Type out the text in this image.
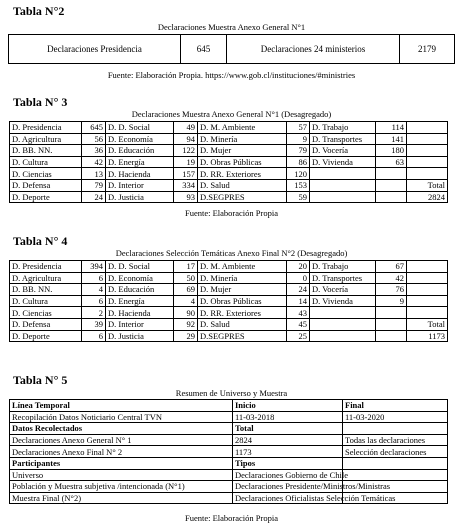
Tabla N°2
Declaraciones Muestra Anexo General N°1
Declaraciones Presidencia	645	Declaraciones 24 ministerios	2179
Fuente: Elaboración Propia. https://www.gob.cl/instituciones/#ministries
Tabla N° 3
Declaraciones Muestra Anexo General N°1 (Desagregado)
D. Presidencia	645	D. D. Social	49	D. M. Ambiente	57	D. Trabajo	114	
D. Agricultura	56	D. Economía	94	D. Minería	9	D. Transportes	141	
D. BB. NN.	36	D. Educación	122	D. Mujer	79	D. Vocería	180	
D. Cultura	42	D. Energía	19	D. Obras Públicas	86	D. Vivienda	63	
D. Ciencias	13	D. Hacienda	157	D. RR. Exteriores	120			
D. Defensa	79	D. Interior	334	D. Salud	153			Total
D. Deporte	24	D. Justicia	93	D.SEGPRES	59			2824
Fuente: Elaboración Propia
Tabla N° 4
Declaraciones Selección Temáticas Anexo Final N°2 (Desagregado)
D. Presidencia	394	D. D. Social	17	D. M. Ambiente	20	D. Trabajo	67	
D. Agricultura	6	D. Economía	50	D. Minería	0	D. Transportes	42	
D. BB. NN.	4	D. Educación	69	D. Mujer	24	D. Vocería	76	
D. Cultura	6	D. Energía	4	D. Obras Públicas	14	D. Vivienda	9	
D. Ciencias	2	D. Hacienda	90	D. RR. Exteriores	43			
D. Defensa	39	D. Interior	92	D. Salud	45			Total
D. Deporte	6	D. Justicia	29	D.SEGPRES	25			1173
Tabla N° 5
Resumen de Universo y Muestra
Línea Temporal	Inicio	Final
Recopilación Datos Noticiario Central TVN	11-03-2018	11-03-2020
Datos Recolectados	Total	
Declaraciones Anexo General N° 1	2824	Todas las declaraciones
Declaraciones Anexo Final N° 2	1173	Selección declaraciones
Participantes	Tipos	
Universo	Declaraciones Gobierno de Chile	
Población y Muestra subjetiva /intencionada (N°1)	Declaraciones Presidente/Ministros/Ministras	
Muestra Final (N°2)	Declaraciones Oficialistas Selección Temáticas	
Fuente: Elaboración Propia
